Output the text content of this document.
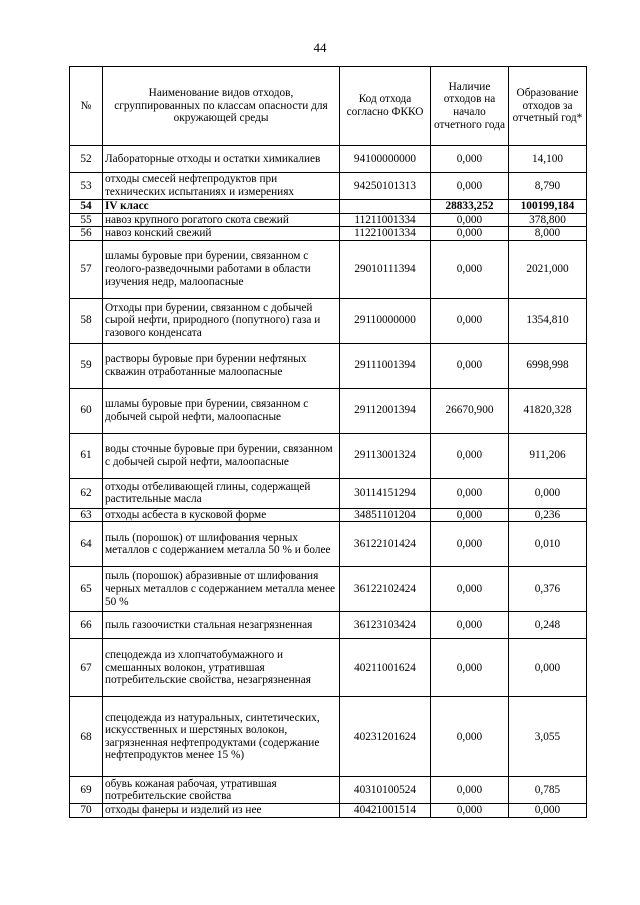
44
№	Наименование видов отходов, сгруппированных по классам опасности для окружающей среды	Код отхода согласно ФККО	Наличие отходов на начало отчетного года	Образование отходов за отчетный год*
52	Лабораторные отходы и остатки химикалиев	94100000000	0,000	14,100
53	отходы смесей нефтепродуктов при технических испытаниях и измерениях	94250101313	0,000	8,790
54	IV класс		28833,252	100199,184
55	навоз крупного рогатого скота свежий	11211001334	0,000	378,800
56	навоз конский свежий	11221001334	0,000	8,000
57	шламы буровые при бурении, связанном с геолого-разведочными работами в области изучения недр, малоопасные	29010111394	0,000	2021,000
58	Отходы при бурении, связанном с добычей сырой нефти, природного (попутного) газа и газового конденсата	29110000000	0,000	1354,810
59	растворы буровые при бурении нефтяных скважин отработанные малоопасные	29111001394	0,000	6998,998
60	шламы буровые при бурении, связанном с добычей сырой нефти, малоопасные	29112001394	26670,900	41820,328
61	воды сточные буровые при бурении, связанном с добычей сырой нефти, малоопасные	29113001324	0,000	911,206
62	отходы отбеливающей глины, содержащей растительные масла	30114151294	0,000	0,000
63	отходы асбеста в кусковой форме	34851101204	0,000	0,236
64	пыль (порошок) от шлифования черных металлов с содержанием металла 50 % и более	36122101424	0,000	0,010
65	пыль (порошок) абразивные от шлифования черных металлов с содержанием металла менее 50 %	36122102424	0,000	0,376
66	пыль газоочистки стальная незагрязненная	36123103424	0,000	0,248
67	спецодежда из хлопчатобумажного и смешанных волокон, утратившая потребительские свойства, незагрязненная	40211001624	0,000	0,000
68	спецодежда из натуральных, синтетических, искусственных и шерстяных волокон, загрязненная нефтепродуктами (содержание нефтепродуктов менее 15 %)	40231201624	0,000	3,055
69	обувь кожаная рабочая, утратившая потребительские свойства	40310100524	0,000	0,785
70	отходы фанеры и изделий из нее	40421001514	0,000	0,000
